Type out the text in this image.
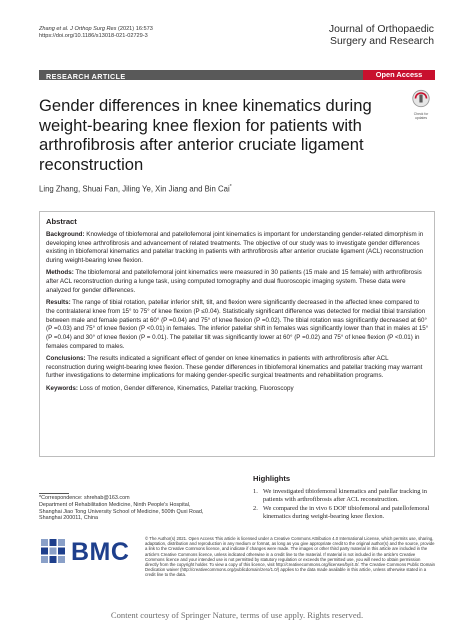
Zhang et al. J Orthop Surg Res (2021) 16:573
https://doi.org/10.1186/s13018-021-02729-3
Journal of Orthopaedic
Surgery and Research
RESEARCH ARTICLE	Open Access
Gender differences in knee kinematics during weight-bearing knee flexion for patients with arthrofibrosis after anterior cruciate ligament reconstruction
Check for
updates
Ling Zhang, Shuai Fan, Jiling Ye, Xin Jiang and Bin Cai*
Abstract

Background: Knowledge of tibiofemoral and patellofemoral joint kinematics is important for understanding gender-related dimorphism in developing knee arthrofibrosis and advancement of related treatments. The objective of our study was to investigate gender differences existing in tibiofemoral kinematics and patellar tracking in patients with arthrofibrosis after anterior cruciate ligament (ACL) reconstruction during weight-bearing knee flexion.

Methods: The tibiofemoral and patellofemoral joint kinematics were measured in 30 patients (15 male and 15 female) with arthrofibrosis after ACL reconstruction during a lunge task, using computed tomography and dual fluoroscopic imaging system. These data were analyzed for gender differences.

Results: The range of tibial rotation, patellar inferior shift, tilt, and flexion were significantly decreased in the affected knee compared to the contralateral knee from 15° to 75° of knee flexion (P ≤0.04). Statistically significant difference was detected for medial tibial translation between male and female patients at 60° (P =0.04) and 75° of knee flexion (P =0.02). The tibial rotation was significantly decreased at 60° (P =0.03) and 75° of knee flexion (P <0.01) in females. The inferior patellar shift in females was significantly lower than that in males at 15° (P =0.04) and 30° of knee flexion (P = 0.01). The patellar tilt was significantly lower at 60° (P =0.02) and 75° of knee flexion (P <0.01) in females compared to males.

Conclusions: The results indicated a significant effect of gender on knee kinematics in patients with arthrofibrosis after ACL reconstruction during weight-bearing knee flexion. These gender differences in tibiofemoral kinematics and patellar tracking may warrant further investigations to determine implications for making gender-specific surgical treatments and rehabilitation programs.

Keywords: Loss of motion, Gender difference, Kinematics, Patellar tracking, Fluoroscopy

Highlights
1. We investigated tibiofemoral kinematics and patellar tracking in patients with arthrofibrosis after ACL reconstruction.
2. We compared the in vivo 6 DOF tibiofemoral and patellofemoral kinematics during weight-bearing knee flexion.
*Correspondence: shrehab@163.com
Department of Rehabilitation Medicine, Ninth People's Hospital,
Shanghai Jiao Tong University School of Medicine, 500th Quxi Road,
Shanghai 200011, China
BMC	© The Author(s) 2021. Open Access This article is licensed under a Creative Commons Attribution 4.0 International License, which permits use, sharing, adaptation, distribution and reproduction in any medium or format, as long as you give appropriate credit to the original author(s) and the source, provide a link to the Creative Commons licence, and indicate if changes were made. The images or other third party material in this article are included in the article's Creative Commons licence, unless indicated otherwise in a credit line to the material. If material is not included in the article's Creative Commons licence and your intended use is not permitted by statutory regulation or exceeds the permitted use, you will need to obtain permission directly from the copyright holder. To view a copy of this licence, visit http://creativecommons.org/licenses/by/4.0/. The Creative Commons Public Domain Dedication waiver (http://creativecommons.org/publicdomain/zero/1.0/) applies to the data made available in this article, unless otherwise stated in a credit line to the data.
Content courtesy of Springer Nature, terms of use apply. Rights reserved.
